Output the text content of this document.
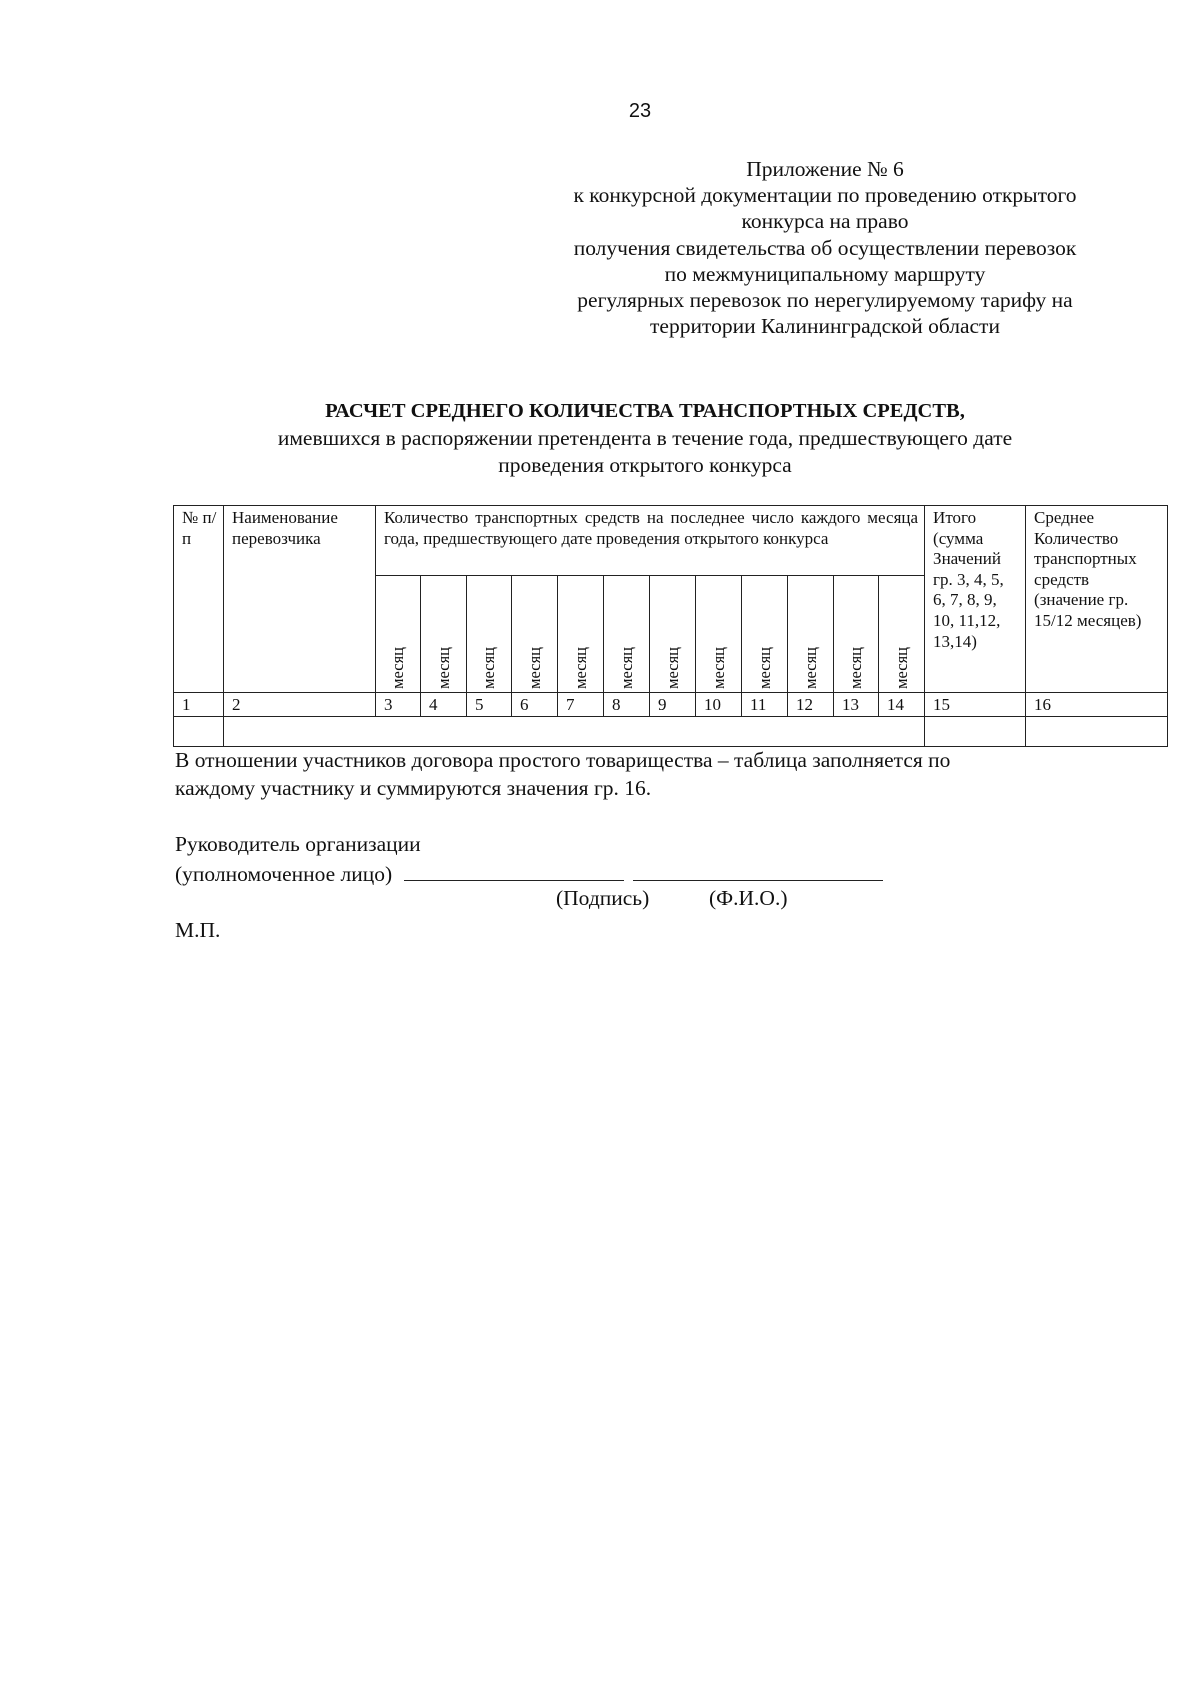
23
Приложение № 6
к конкурсной документации по проведению открытого
конкурса на право
получения свидетельства об осуществлении перевозок
по межмуниципальному маршруту
регулярных перевозок по нерегулируемому тарифу на
территории Калининградской области
РАСЧЕТ СРЕДНЕГО КОЛИЧЕСТВА ТРАНСПОРТНЫХ СРЕДСТВ,
имевшихся в распоряжении претендента в течение года, предшествующего дате
проведения открытого конкурса
№ п/п	Наименование перевозчика	Количество транспортных средств на последнее число каждого месяца года, предшествующего дате проведения открытого конкурса												Итого (сумма Значений гр. 3, 4, 5, 6, 7, 8, 9, 10, 11,12, 13,14)	Среднее Количество транспортных средств (значение гр. 15/12 месяцев)

		месяц	месяц	месяц	месяц	месяц	месяц	месяц	месяц	месяц	месяц	месяц	месяц		

1	2	3	4	5	6	7	8	9	10	11	12	13	14	15	16

В отношении участников договора простого товарищества – таблица заполняется по
каждому участнику и суммируются значения гр. 16.
Руководитель организации
(уполномоченное лицо)
(Подпись)	(Ф.И.О.)
М.П.
